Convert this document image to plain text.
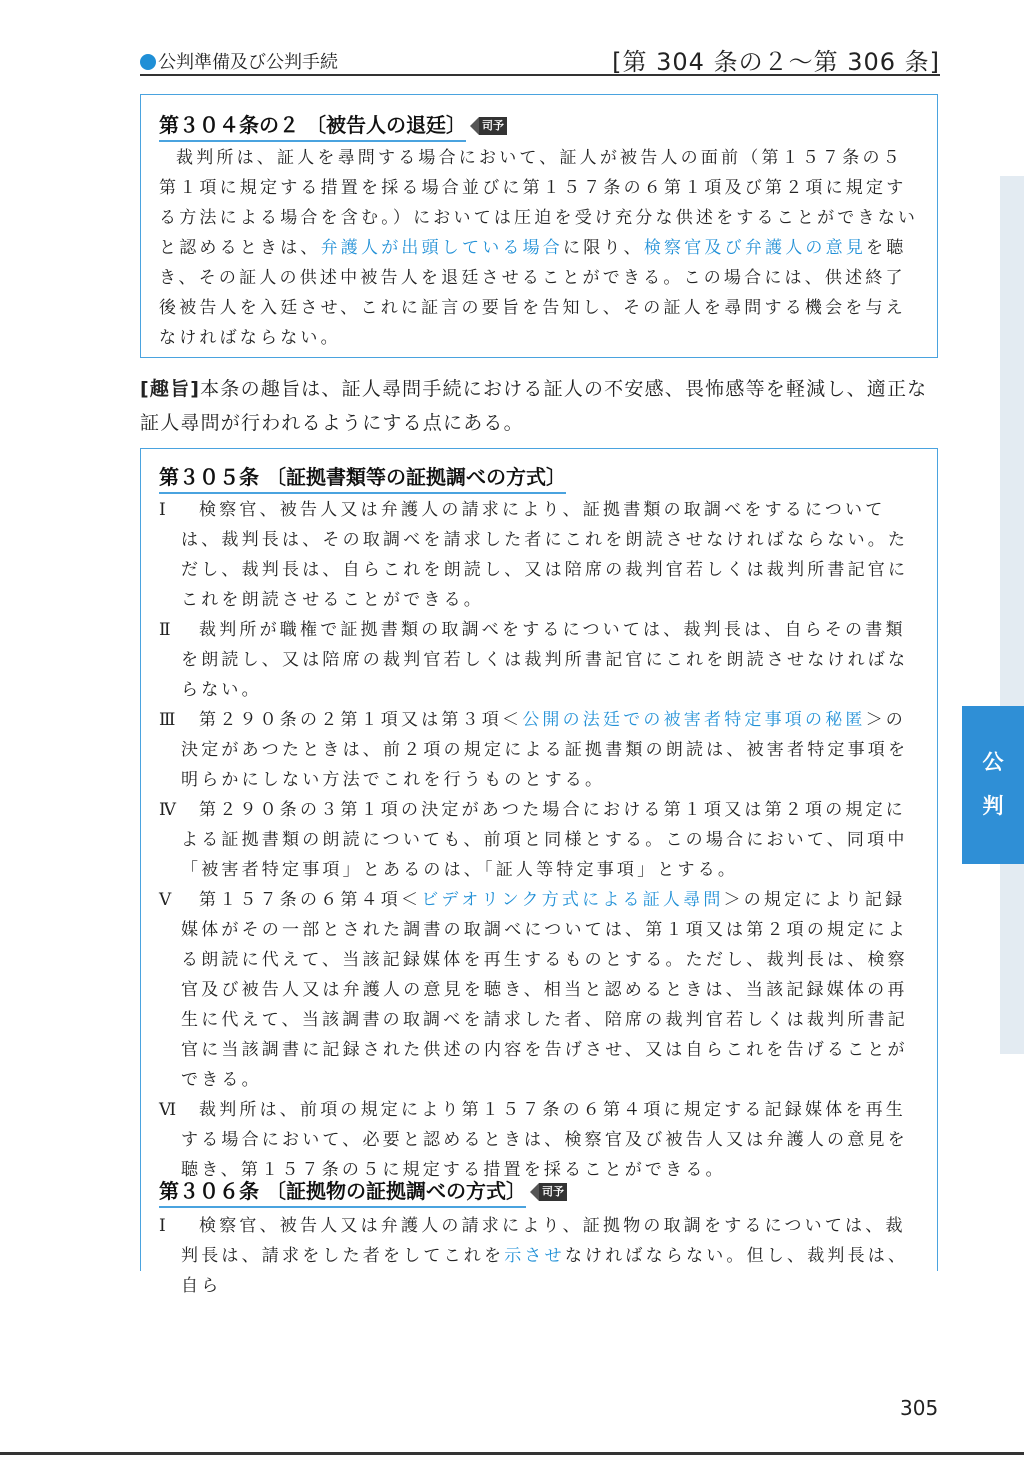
公判準備及び公判手続	[第 304 条の２～第 306 条]
第３０４条の２ 〔被告人の退廷〕 司予
裁判所は、証人を尋問する場合において、証人が被告人の面前（第１５７条の５第１項に規定する措置を採る場合並びに第１５７条の６第１項及び第２項に規定する方法による場合を含む。）においては圧迫を受け充分な供述をすることができないと認めるときは、弁護人が出頭している場合に限り、検察官及び弁護人の意見を聴き、その証人の供述中被告人を退廷させることができる。この場合には、供述終了後被告人を入廷させ、これに証言の要旨を告知し、その証人を尋問する機会を与えなければならない。
[趣旨]本条の趣旨は、証人尋問手続における証人の不安感、畏怖感等を軽減し、適正な証人尋問が行われるようにする点にある。
第３０５条 〔証拠書類等の証拠調べの方式〕
Ⅰ	検察官、被告人又は弁護人の請求により、証拠書類の取調べをするについては、裁判長は、その取調べを請求した者にこれを朗読させなければならない。ただし、裁判長は、自らこれを朗読し、又は陪席の裁判官若しくは裁判所書記官にこれを朗読させることができる。
Ⅱ	裁判所が職権で証拠書類の取調べをするについては、裁判長は、自らその書類を朗読し、又は陪席の裁判官若しくは裁判所書記官にこれを朗読させなければならない。
Ⅲ	第２９０条の２第１項又は第３項＜公開の法廷での被害者特定事項の秘匿＞の決定があつたときは、前２項の規定による証拠書類の朗読は、被害者特定事項を明らかにしない方法でこれを行うものとする。
Ⅳ	第２９０条の３第１項の決定があつた場合における第１項又は第２項の規定による証拠書類の朗読についても、前項と同様とする。この場合において、同項中「被害者特定事項」とあるのは、「証人等特定事項」とする。
Ⅴ	第１５７条の６第４項＜ビデオリンク方式による証人尋問＞の規定により記録媒体がその一部とされた調書の取調べについては、第１項又は第２項の規定による朗読に代えて、当該記録媒体を再生するものとする。ただし、裁判長は、検察官及び被告人又は弁護人の意見を聴き、相当と認めるときは、当該記録媒体の再生に代えて、当該調書の取調べを請求した者、陪席の裁判官若しくは裁判所書記官に当該調書に記録された供述の内容を告げさせ、又は自らこれを告げることができる。
Ⅵ	裁判所は、前項の規定により第１５７条の６第４項に規定する記録媒体を再生する場合において、必要と認めるときは、検察官及び被告人又は弁護人の意見を聴き、第１５７条の５に規定する措置を採ることができる。
第３０６条 〔証拠物の証拠調べの方式〕 司予
Ⅰ	検察官、被告人又は弁護人の請求により、証拠物の取調をするについては、裁判長は、請求をした者をしてこれを示させなければならない。但し、裁判長は、自ら
公
判
305
